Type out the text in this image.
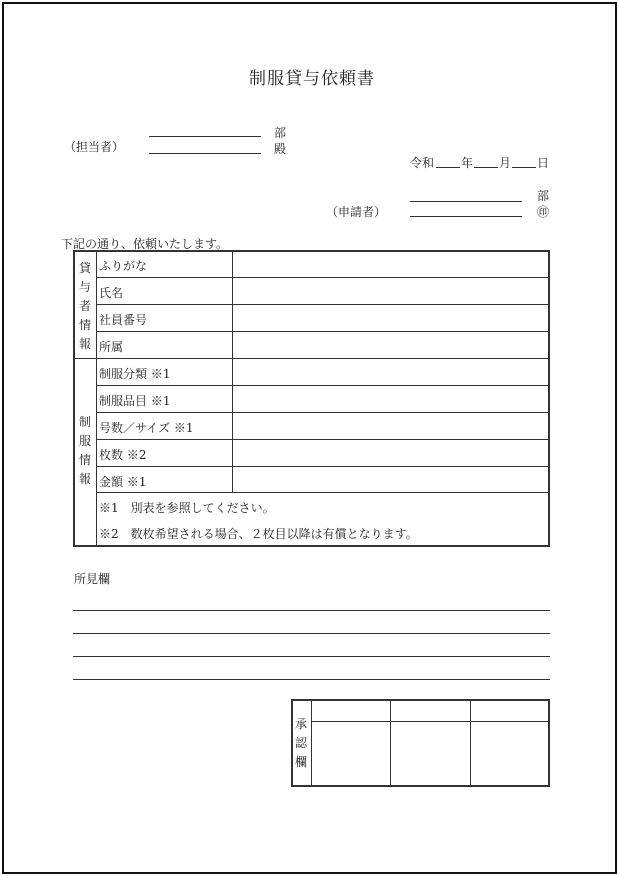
制服貸与依頼書
（担当者）
部
殿
令和 年 月 日
部
（申請者）	㊞
下記の通り、依頼いたします。
貸
与
者
情
報
ふりがな
氏名
社員番号
所属
制
服
情
報
制服分類 ※1
制服品目 ※1
号数／サイズ ※1
枚数 ※2
金額 ※1
※1　別表を参照してください。
※2　数枚希望される場合、２枚目以降は有償となります。
所見欄
承
認
欄
